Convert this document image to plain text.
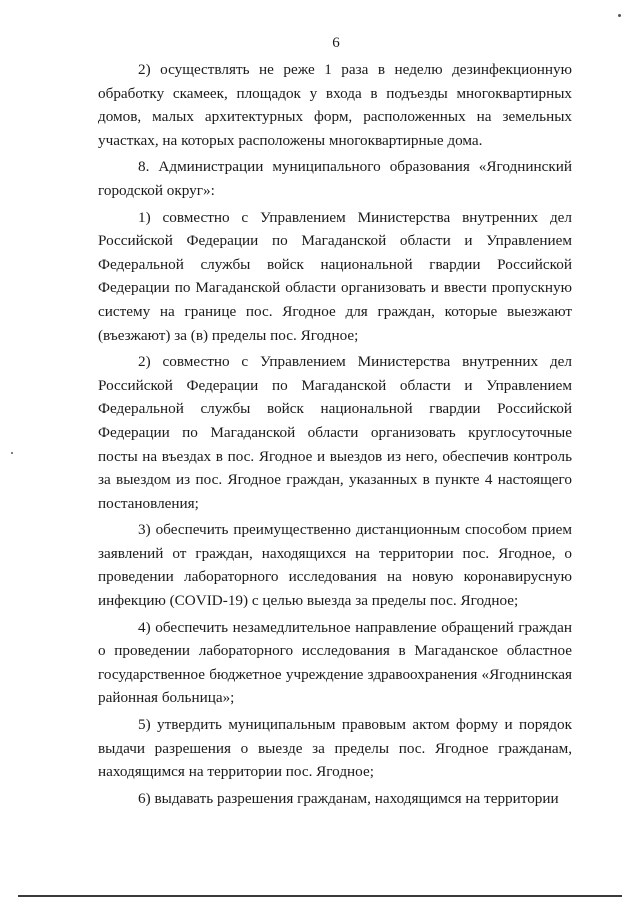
6

2) осуществлять не реже 1 раза в неделю дезинфекционную обработку скамеек, площадок у входа в подъезды многоквартирных домов, малых архитектурных форм, расположенных на земельных участках, на которых расположены многоквартирные дома.

8. Администрации муниципального образования «Ягоднинский городской округ»:

1) совместно с Управлением Министерства внутренних дел Российской Федерации по Магаданской области и Управлением Федеральной службы войск национальной гвардии Российской Федерации по Магаданской области организовать и ввести пропускную систему на границе пос. Ягодное для граждан, которые выезжают (въезжают) за (в) пределы пос. Ягодное;

2) совместно с Управлением Министерства внутренних дел Российской Федерации по Магаданской области и Управлением Федеральной службы войск национальной гвардии Российской Федерации по Магаданской области организовать круглосуточные посты на въездах в пос. Ягодное и выездов из него, обеспечив контроль за выездом из пос. Ягодное граждан, указанных в пункте 4 настоящего постановления;

3) обеспечить преимущественно дистанционным способом прием заявлений от граждан, находящихся на территории пос. Ягодное, о проведении лабораторного исследования на новую коронавирусную инфекцию (COVID-19) с целью выезда за пределы пос. Ягодное;

4) обеспечить незамедлительное направление обращений граждан о проведении лабораторного исследования в Магаданское областное государственное бюджетное учреждение здравоохранения «Ягоднинская районная больница»;

5) утвердить муниципальным правовым актом форму и порядок выдачи разрешения о выезде за пределы пос. Ягодное гражданам, находящимся на территории пос. Ягодное;

6) выдавать разрешения гражданам, находящимся на территории
